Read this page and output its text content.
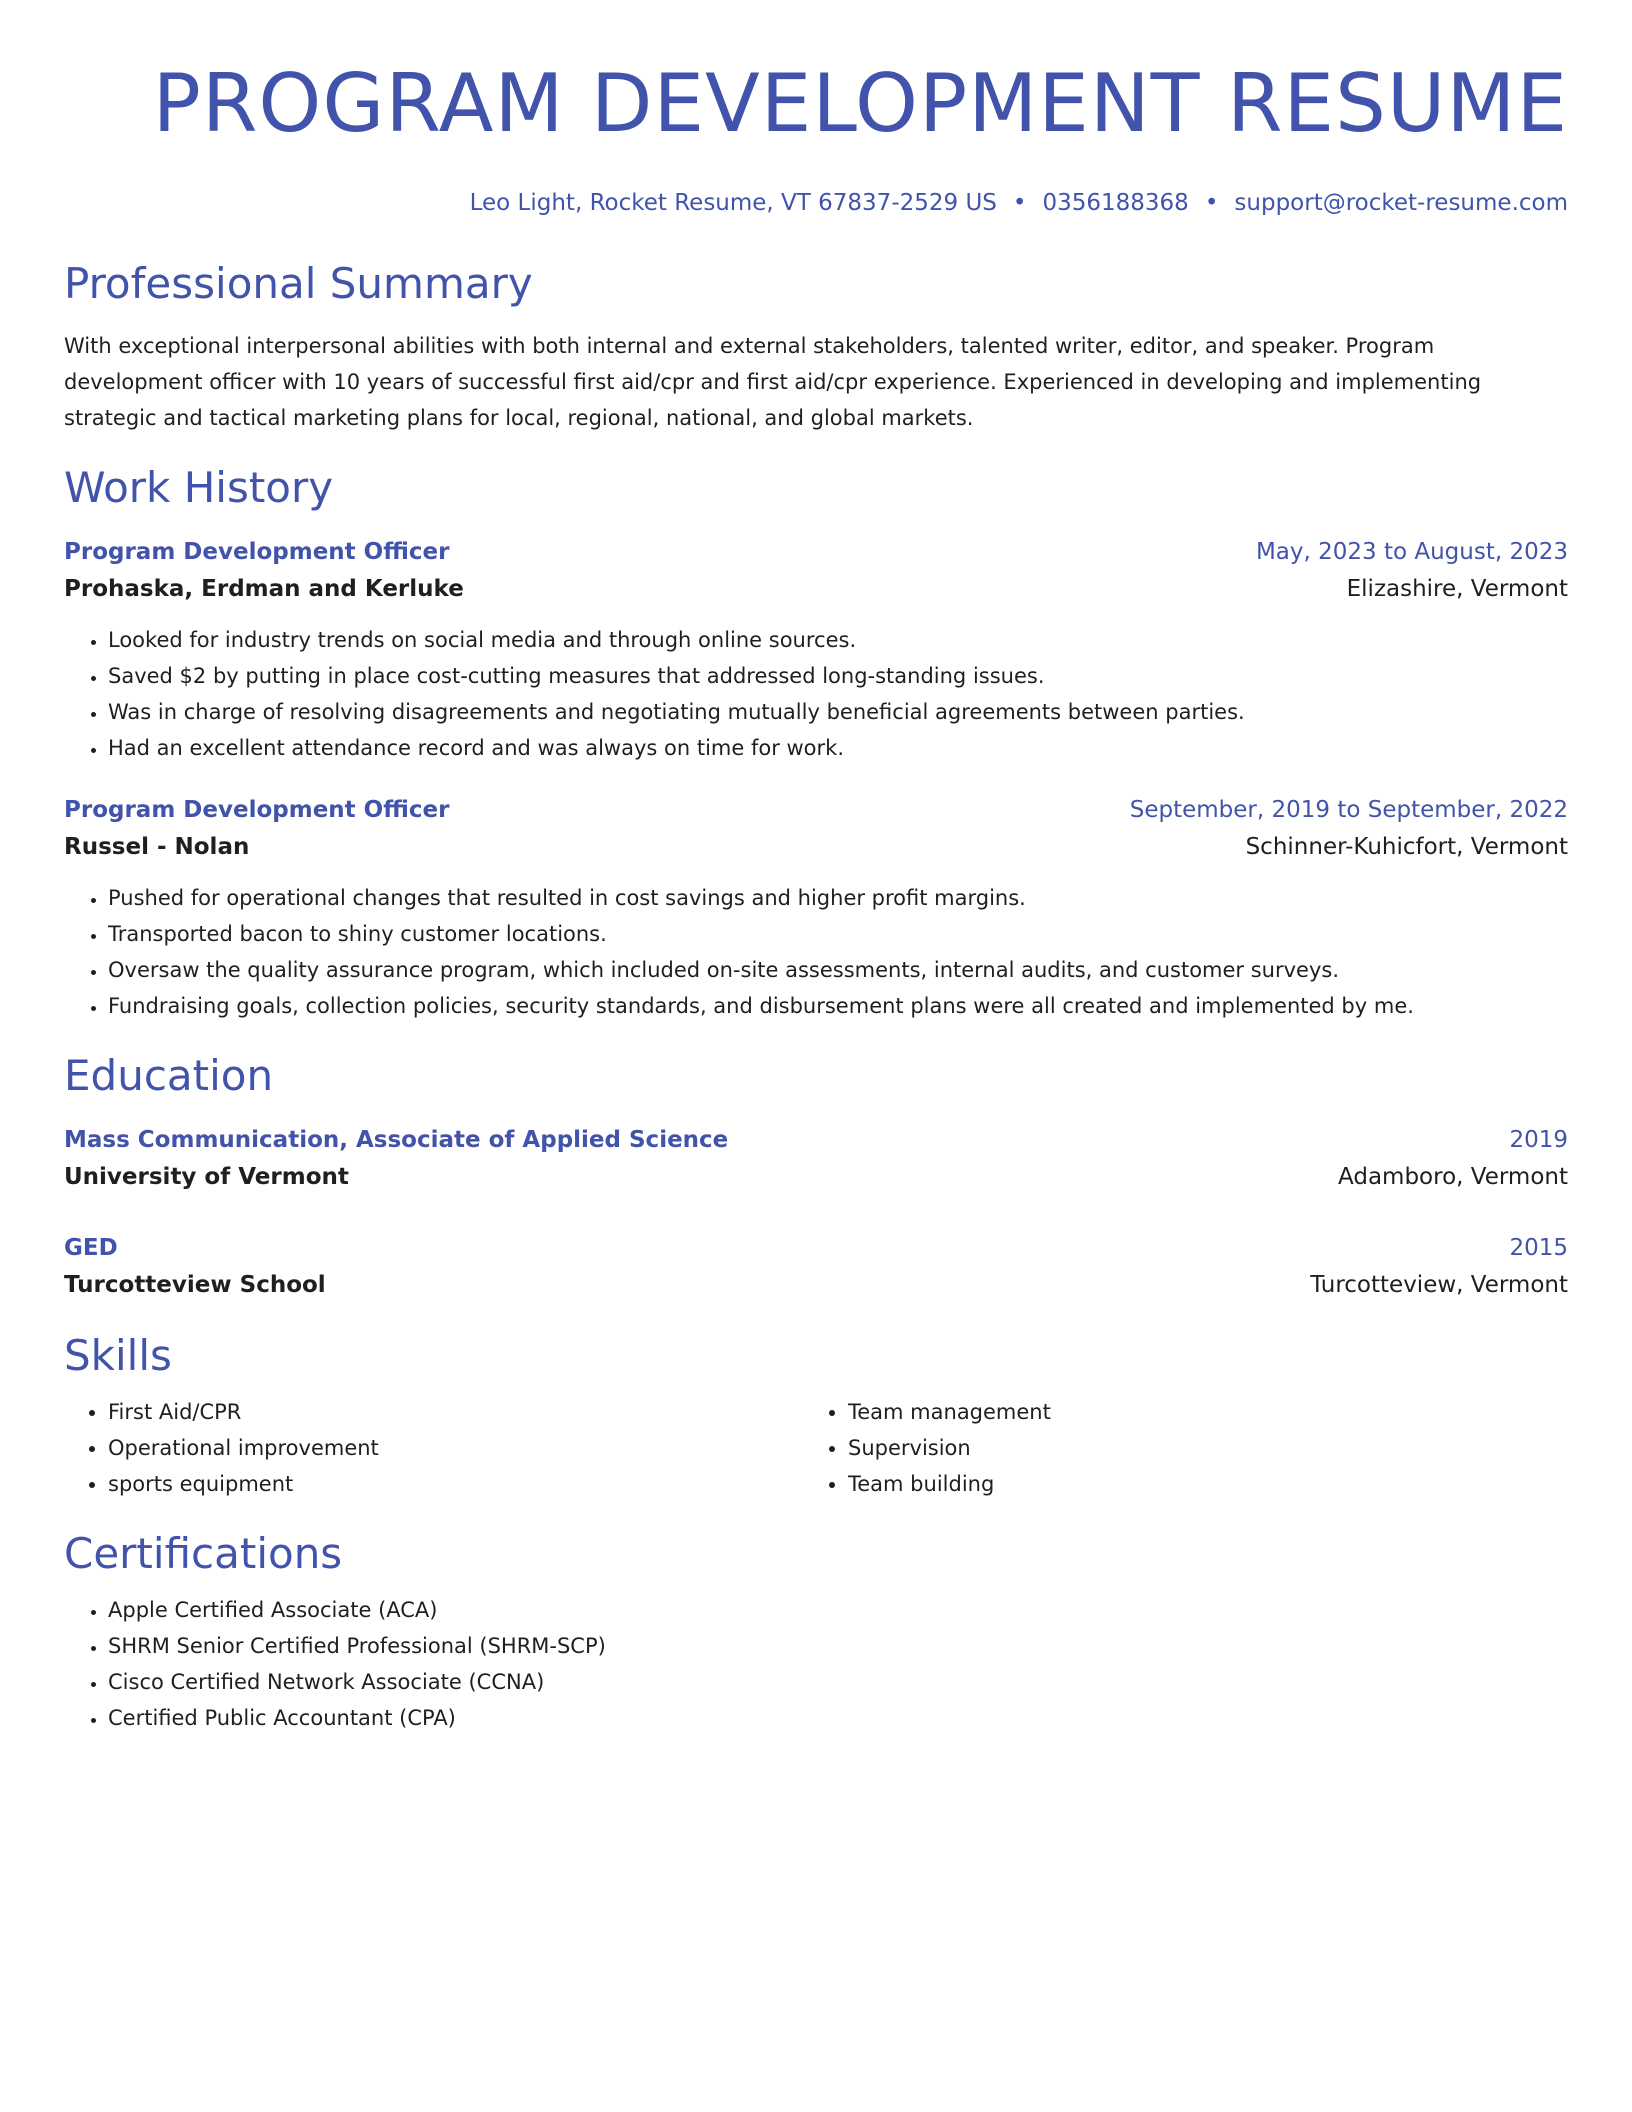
PROGRAM DEVELOPMENT RESUME
Leo Light, Rocket Resume, VT 67837-2529 US • 0356188368 • support@rocket-resume.com
Professional Summary

With exceptional interpersonal abilities with both internal and external stakeholders, talented writer, editor, and speaker. Program development officer with 10 years of successful first aid/cpr and first aid/cpr experience. Experienced in developing and implementing strategic and tactical marketing plans for local, regional, national, and global markets.

Work History
Program Development Officer	May, 2023 to August, 2023
Prohaska, Erdman and Kerluke	Elizashire, Vermont
• Looked for industry trends on social media and through online sources.
• Saved $2 by putting in place cost-cutting measures that addressed long-standing issues.
• Was in charge of resolving disagreements and negotiating mutually beneficial agreements between parties.
• Had an excellent attendance record and was always on time for work.
Program Development Officer	September, 2019 to September, 2022
Russel - Nolan	Schinner-Kuhicfort, Vermont
• Pushed for operational changes that resulted in cost savings and higher profit margins.
• Transported bacon to shiny customer locations.
• Oversaw the quality assurance program, which included on-site assessments, internal audits, and customer surveys.
• Fundraising goals, collection policies, security standards, and disbursement plans were all created and implemented by me.
Education
Mass Communication, Associate of Applied Science	2019
University of Vermont	Adamboro, Vermont
GED	2015
Turcotteview School	Turcotteview, Vermont
Skills
• First Aid/CPR
• Operational improvement
• sports equipment
• Team management
• Supervision
• Team building
Certifications
• Apple Certified Associate (ACA)
• SHRM Senior Certified Professional (SHRM-SCP)
• Cisco Certified Network Associate (CCNA)
• Certified Public Accountant (CPA)
